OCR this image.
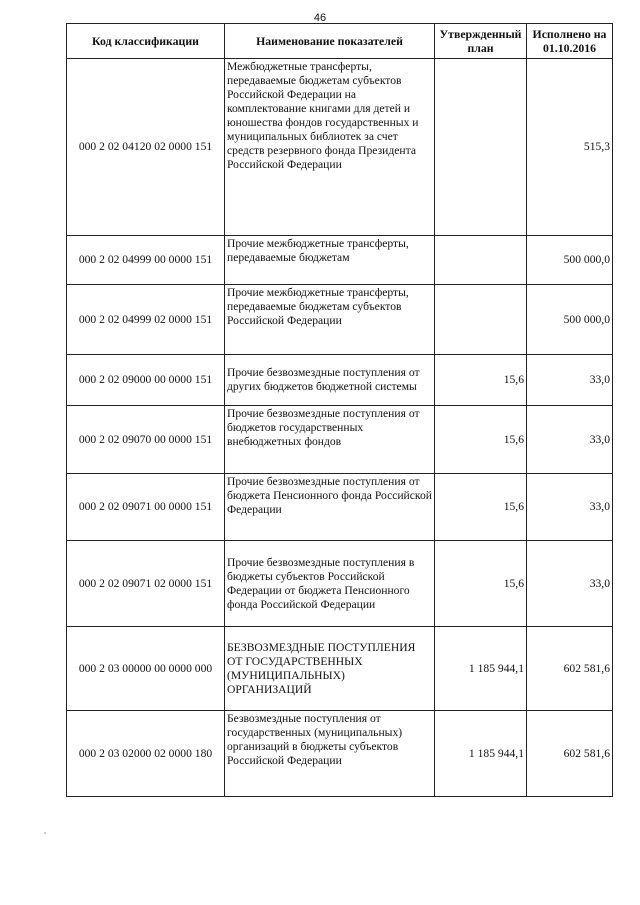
46
Код классификации	Наименование показателей	Утвержденный план	Исполнено на 01.10.2016
000 2 02 04120 02 0000 151	Межбюджетные трансферты, передаваемые бюджетам субъектов Российской Федерации на комплектование книгами для детей и юношества фондов государственных и муниципальных библиотек за счет средств резервного фонда Президента Российской Федерации		515,3
000 2 02 04999 00 0000 151	Прочие межбюджетные трансферты, передаваемые бюджетам		500 000,0
000 2 02 04999 02 0000 151	Прочие межбюджетные трансферты, передаваемые бюджетам субъектов Российской Федерации		500 000,0
000 2 02 09000 00 0000 151	Прочие безвозмездные поступления от других бюджетов бюджетной системы	15,6	33,0
000 2 02 09070 00 0000 151	Прочие безвозмездные поступления от бюджетов государственных внебюджетных фондов	15,6	33,0
000 2 02 09071 00 0000 151	Прочие безвозмездные поступления от бюджета Пенсионного фонда Российской Федерации	15,6	33,0
000 2 02 09071 02 0000 151	Прочие безвозмездные поступления в бюджеты субъектов Российской Федерации от бюджета Пенсионного фонда Российской Федерации	15,6	33,0
000 2 03 00000 00 0000 000	БЕЗВОЗМЕЗДНЫЕ ПОСТУПЛЕНИЯ ОТ ГОСУДАРСТВЕННЫХ (МУНИЦИПАЛЬНЫХ) ОРГАНИЗАЦИЙ	1 185 944,1	602 581,6
000 2 03 02000 02 0000 180	Безвозмездные поступления от государственных (муниципальных) организаций в бюджеты субъектов Российской Федерации	1 185 944,1	602 581,6
